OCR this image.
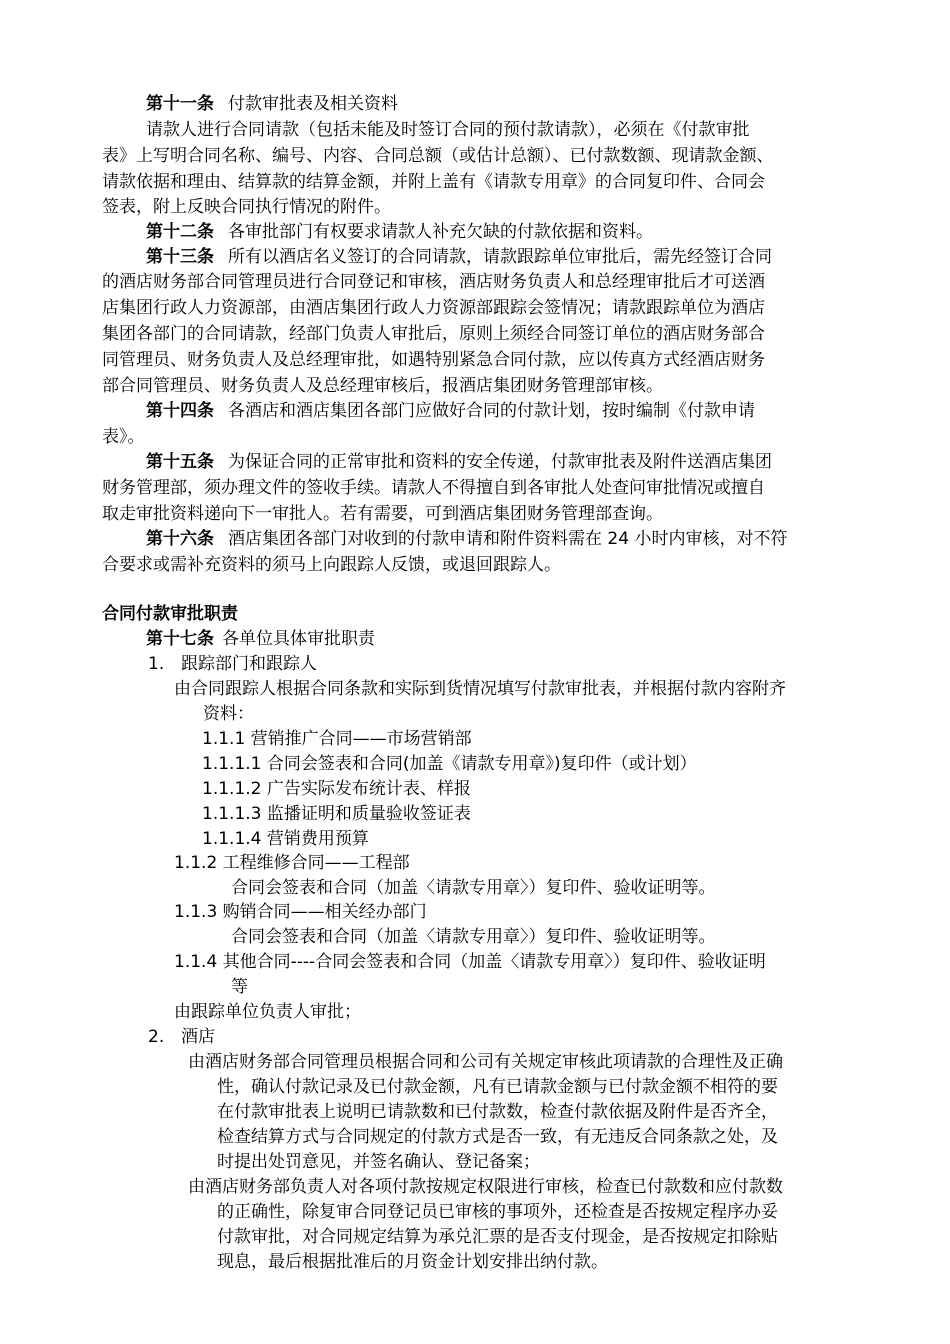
第十一条 付款审批表及相关资料
请款人进行合同请款（包括未能及时签订合同的预付款请款），必须在《付款审批
表》上写明合同名称、编号、内容、合同总额（或估计总额）、已付款数额、现请款金额、
请款依据和理由、结算款的结算金额，并附上盖有《请款专用章》的合同复印件、合同会
签表，附上反映合同执行情况的附件。
第十二条 各审批部门有权要求请款人补充欠缺的付款依据和资料。
第十三条 所有以酒店名义签订的合同请款，请款跟踪单位审批后，需先经签订合同
的酒店财务部合同管理员进行合同登记和审核，酒店财务负责人和总经理审批后才可送酒
店集团行政人力资源部，由酒店集团行政人力资源部跟踪会签情况；请款跟踪单位为酒店
集团各部门的合同请款，经部门负责人审批后，原则上须经合同签订单位的酒店财务部合
同管理员、财务负责人及总经理审批，如遇特别紧急合同付款，应以传真方式经酒店财务
部合同管理员、财务负责人及总经理审核后，报酒店集团财务管理部审核。
第十四条 各酒店和酒店集团各部门应做好合同的付款计划，按时编制《付款申请
表》。
第十五条 为保证合同的正常审批和资料的安全传递，付款审批表及附件送酒店集团
财务管理部，须办理文件的签收手续。请款人不得擅自到各审批人处查问审批情况或擅自
取走审批资料递向下一审批人。若有需要，可到酒店集团财务管理部查询。
第十六条 酒店集团各部门对收到的付款申请和附件资料需在 24 小时内审核，对不符
合要求或需补充资料的须马上向跟踪人反馈，或退回跟踪人。
合同付款审批职责
第十七条 各单位具体审批职责
1. 跟踪部门和跟踪人
由合同跟踪人根据合同条款和实际到货情况填写付款审批表，并根据付款内容附齐
资料：
1.1.1 营销推广合同——市场营销部
1.1.1.1 合同会签表和合同(加盖《请款专用章》)复印件（或计划）
1.1.1.2 广告实际发布统计表、样报
1.1.1.3 监播证明和质量验收签证表
1.1.1.4 营销费用预算
1.1.2 工程维修合同——工程部
合同会签表和合同（加盖〈请款专用章〉）复印件、验收证明等。
1.1.3 购销合同——相关经办部门
合同会签表和合同（加盖〈请款专用章〉）复印件、验收证明等。
1.1.4 其他合同----合同会签表和合同（加盖〈请款专用章〉）复印件、验收证明
等
由跟踪单位负责人审批；
2. 酒店
由酒店财务部合同管理员根据合同和公司有关规定审核此项请款的合理性及正确
性，确认付款记录及已付款金额，凡有已请款金额与已付款金额不相符的要
在付款审批表上说明已请款数和已付款数，检查付款依据及附件是否齐全，
检查结算方式与合同规定的付款方式是否一致，有无违反合同条款之处，及
时提出处罚意见，并签名确认、登记备案；
由酒店财务部负责人对各项付款按规定权限进行审核，检查已付款数和应付款数
的正确性，除复审合同登记员已审核的事项外，还检查是否按规定程序办妥
付款审批，对合同规定结算为承兑汇票的是否支付现金，是否按规定扣除贴
现息，最后根据批准后的月资金计划安排出纳付款。
